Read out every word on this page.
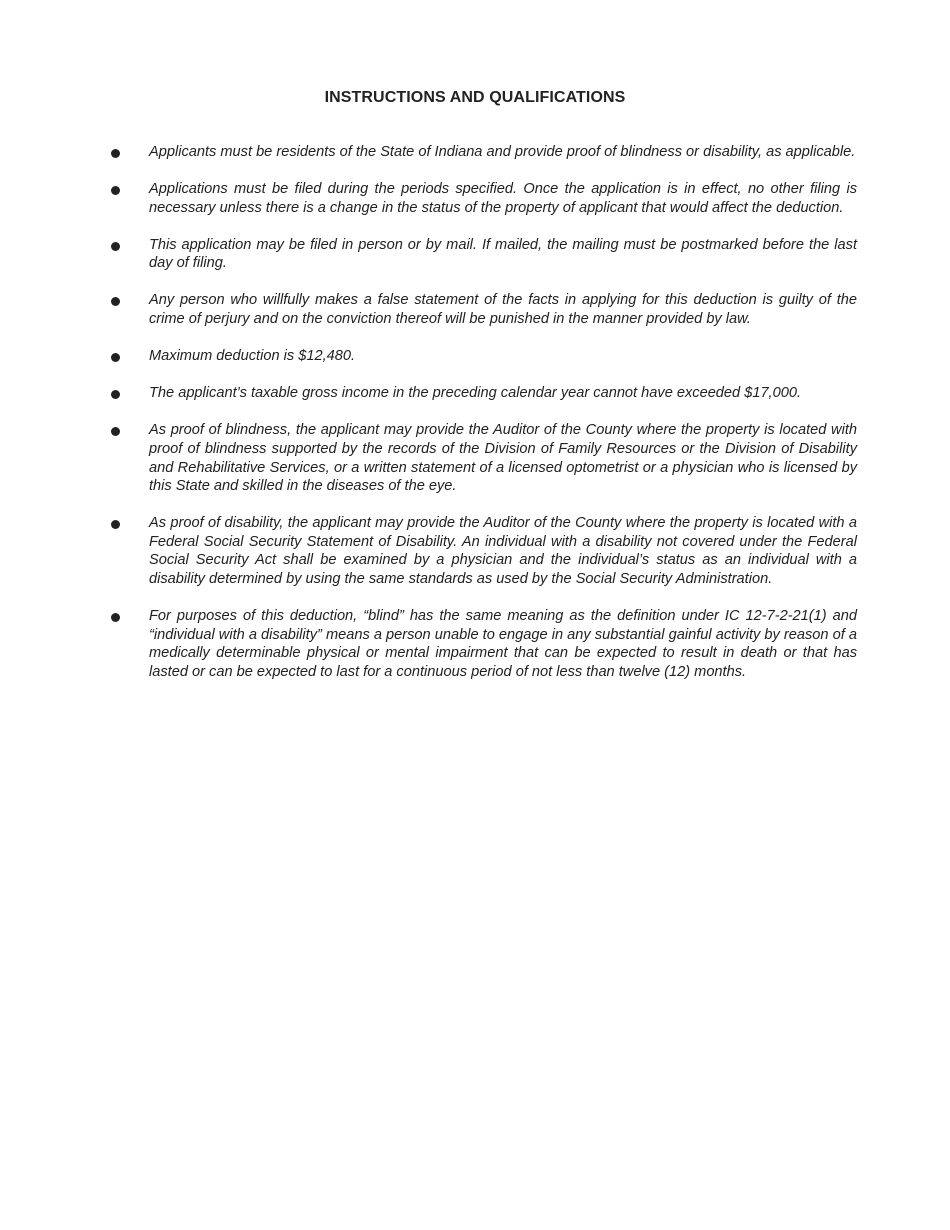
INSTRUCTIONS AND QUALIFICATIONS

Applicants must be residents of the State of Indiana and provide proof of blindness or disability, as applicable.

Applications must be filed during the periods specified. Once the application is in effect, no other filing is necessary unless there is a change in the status of the property of applicant that would affect the deduction.

This application may be filed in person or by mail. If mailed, the mailing must be postmarked before the last day of filing.

Any person who willfully makes a false statement of the facts in applying for this deduction is guilty of the crime of perjury and on the conviction thereof will be punished in the manner provided by law.

Maximum deduction is $12,480.

The applicant’s taxable gross income in the preceding calendar year cannot have exceeded $17,000.

As proof of blindness, the applicant may provide the Auditor of the County where the property is located with proof of blindness supported by the records of the Division of Family Resources or the Division of Disability and Rehabilitative Services, or a written statement of a licensed optometrist or a physician who is licensed by this State and skilled in the diseases of the eye.

As proof of disability, the applicant may provide the Auditor of the County where the property is located with a Federal Social Security Statement of Disability. An individual with a disability not covered under the Federal Social Security Act shall be examined by a physician and the individual’s status as an individual with a disability determined by using the same standards as used by the Social Security Administration.

For purposes of this deduction, “blind” has the same meaning as the definition under IC 12-7-2-21(1) and “individual with a disability” means a person unable to engage in any substantial gainful activity by reason of a medically determinable physical or mental impairment that can be expected to result in death or that has lasted or can be expected to last for a continuous period of not less than twelve (12) months.
